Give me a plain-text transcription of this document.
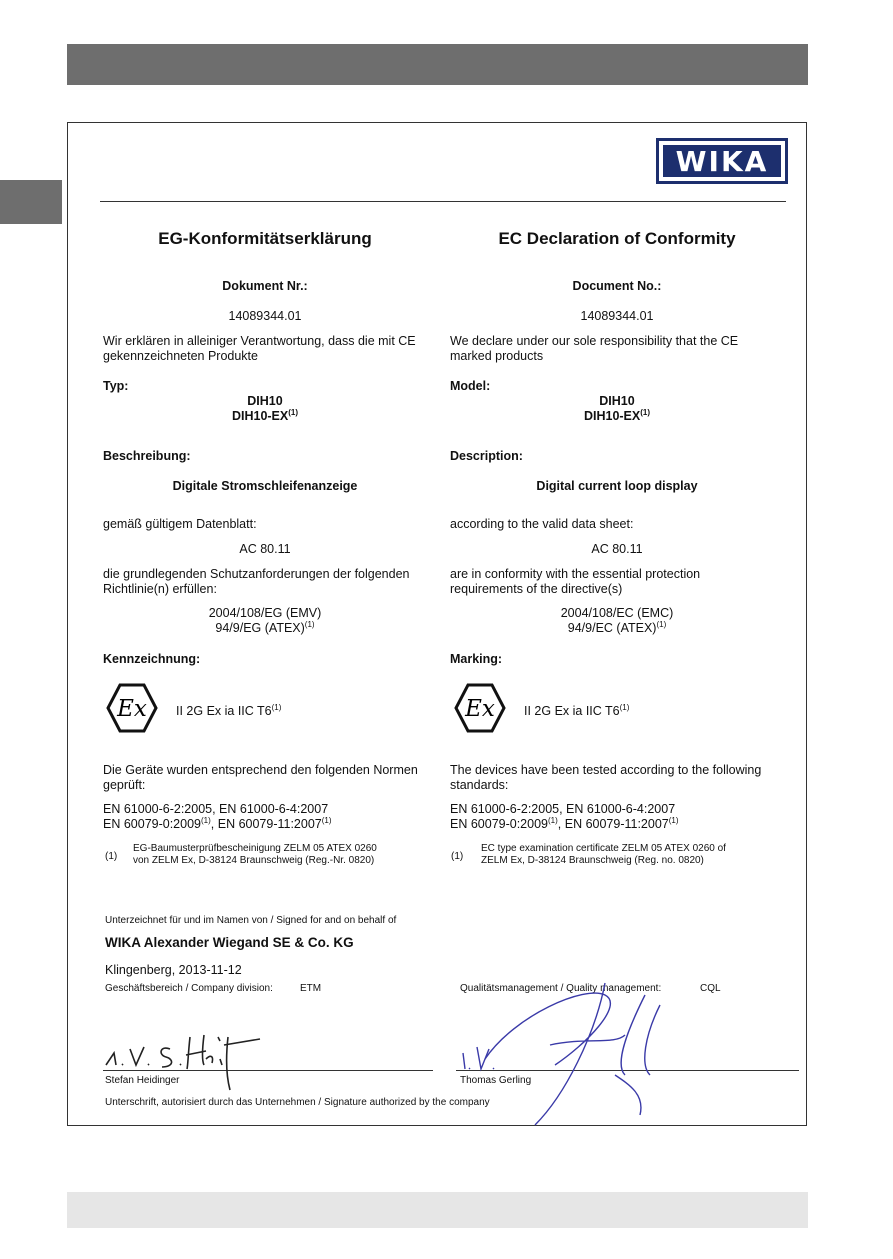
WIKA
EG-Konformitätserklärung
Dokument Nr.:
14089344.01
Wir erklären in alleiniger Verantwortung, dass die mit CE
gekennzeichneten Produkte
Typ:
DIH10
DIH10-EX$^{(1)}$
Beschreibung:
Digitale Stromschleifenanzeige
gemäß gültigem Datenblatt:
AC 80.11
die grundlegenden Schutzanforderungen der folgenden
Richtlinie(n) erfüllen:
2004/108/EG (EMV)
94/9/EG (ATEX)$^{(1)}$
Kennzeichnung:
Ex II 2G Ex ia IIC T6$^{(1)}$
Die Geräte wurden entsprechend den folgenden Normen
geprüft:
EN 61000-6-2:2005, EN 61000-6-4:2007
EN 60079-0:2009$^{(1)}$, EN 60079-11:2007$^{(1)}$
(1)
EG-Baumusterprüfbescheinigung ZELM 05 ATEX 0260
von ZELM Ex, D-38124 Braunschweig (Reg.-Nr. 0820)
EC Declaration of Conformity
Document No.:
14089344.01
We declare under our sole responsibility that the CE
marked products
Model:
DIH10
DIH10-EX$^{(1)}$
Description:
Digital current loop display
according to the valid data sheet:
AC 80.11
are in conformity with the essential protection
requirements of the directive(s)
2004/108/EC (EMC)
94/9/EC (ATEX)$^{(1)}$
Marking:
Ex II 2G Ex ia IIC T6$^{(1)}$
The devices have been tested according to the following
standards:
EN 61000-6-2:2005, EN 61000-6-4:2007
EN 60079-0:2009$^{(1)}$, EN 60079-11:2007$^{(1)}$
(1)
EC type examination certificate ZELM 05 ATEX 0260 of
ZELM Ex, D-38124 Braunschweig (Reg. no. 0820)
Unterzeichnet für und im Namen von / Signed for and on behalf of
WIKA Alexander Wiegand SE & Co. KG
Klingenberg, 2013-11-12
Geschäftsbereich / Company division:	ETM	Qualitätsmanagement / Quality management:	CQL
Stefan Heidinger	Thomas Gerling
Unterschrift, autorisiert durch das Unternehmen / Signature authorized by the company
